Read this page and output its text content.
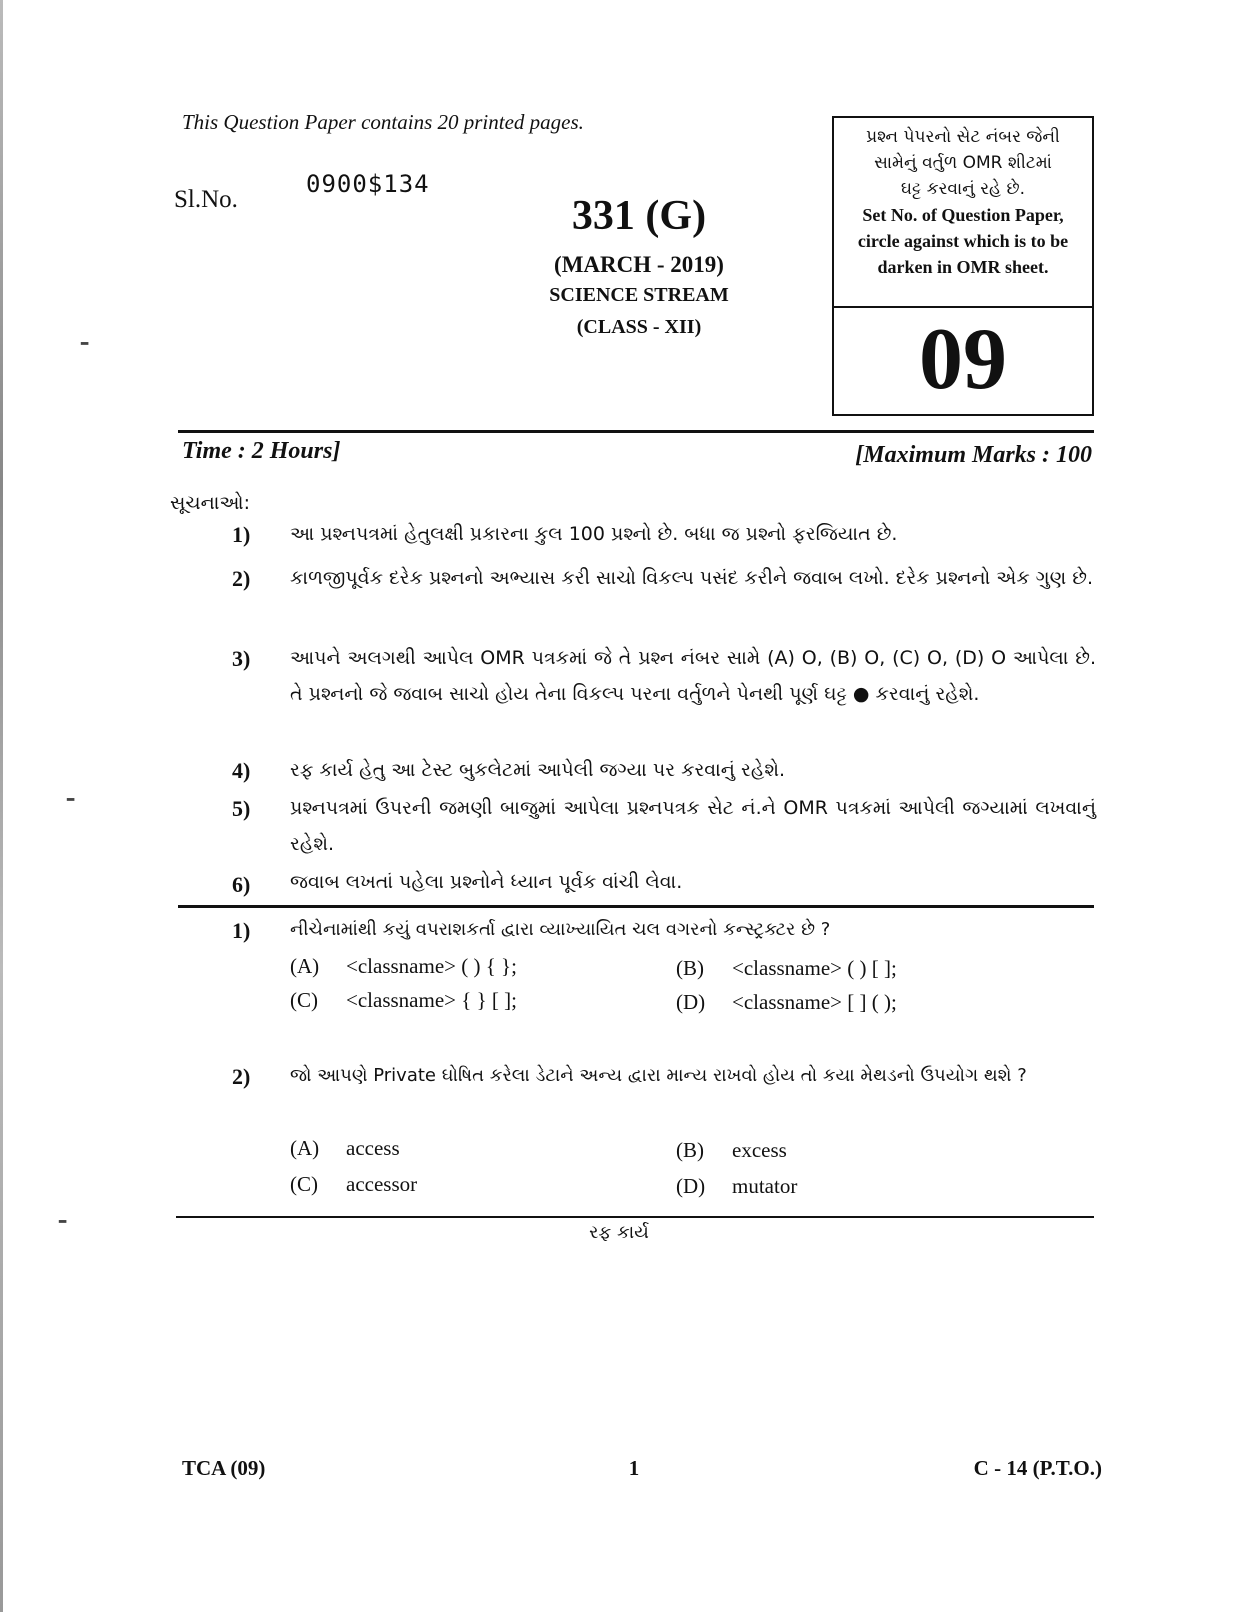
This Question Paper contains 20 printed pages.
Sl.No.
0900$134
331 (G)
(MARCH - 2019)
SCIENCE STREAM
(CLASS - XII)
પ્રશ્ન પેપરનો સેટ નંબર જેની
સામેનું વર્તુળ OMR શીટમાં
ઘટ્ટ કરવાનું રહે છે.
Set No. of Question Paper,
circle against which is to be
darken in OMR sheet.
09
Time : 2 Hours]	[Maximum Marks : 100
સૂચનાઓ:
1)	આ પ્રશ્નપત્રમાં હેતુલક્ષી પ્રકારના કુલ 100 પ્રશ્નો છે. બધા જ પ્રશ્નો ફરજિયાત છે.
2)	કાળજીપૂર્વક દરેક પ્રશ્નનો અભ્યાસ કરી સાચો વિકલ્પ પસંદ કરીને જવાબ લખો. દરેક પ્રશ્નનો એક ગુણ છે.
3)	આપને અલગથી આપેલ OMR પત્રકમાં જે તે પ્રશ્ન નંબર સામે (A) O, (B) O, (C) O, (D) O આપેલા છે. તે પ્રશ્નનો જે જવાબ સાચો હોય તેના વિકલ્પ પરના વર્તુળને પેનથી પૂર્ણ ઘટ્ટ ● કરવાનું રહેશે.
4)	રફ કાર્ય હેતુ આ ટેસ્ટ બુકલેટમાં આપેલી જગ્યા પર કરવાનું રહેશે.
5)	પ્રશ્નપત્રમાં ઉપરની જમણી બાજુમાં આપેલા પ્રશ્નપત્રક સેટ નં.ને OMR પત્રકમાં આપેલી જગ્યામાં લખવાનું રહેશે.
6)	જવાબ લખતાં પહેલા પ્રશ્નોને ધ્યાન પૂર્વક વાંચી લેવા.
1)	નીચેનામાંથી કયું વપરાશકર્તા દ્વારા વ્યાખ્યાયિત ચલ વગરનો કન્સ્ટ્રક્ટર છે ?
(A) <classname> ( ) { };	(B) <classname> ( ) [ ];
(C) <classname> { } [ ];	(D) <classname> [ ] ( );
2)	જો આપણે Private ઘોષિત કરેલા ડેટાને અન્ય દ્વારા માન્ય રાખવો હોય તો કયા મેથડનો ઉપયોગ થશે ?
(A) access	(B) excess
(C) accessor	(D) mutator
રફ કાર્ય
TCA (09)	1	C - 14 (P.T.O.)
⁃
⁃
⁃
